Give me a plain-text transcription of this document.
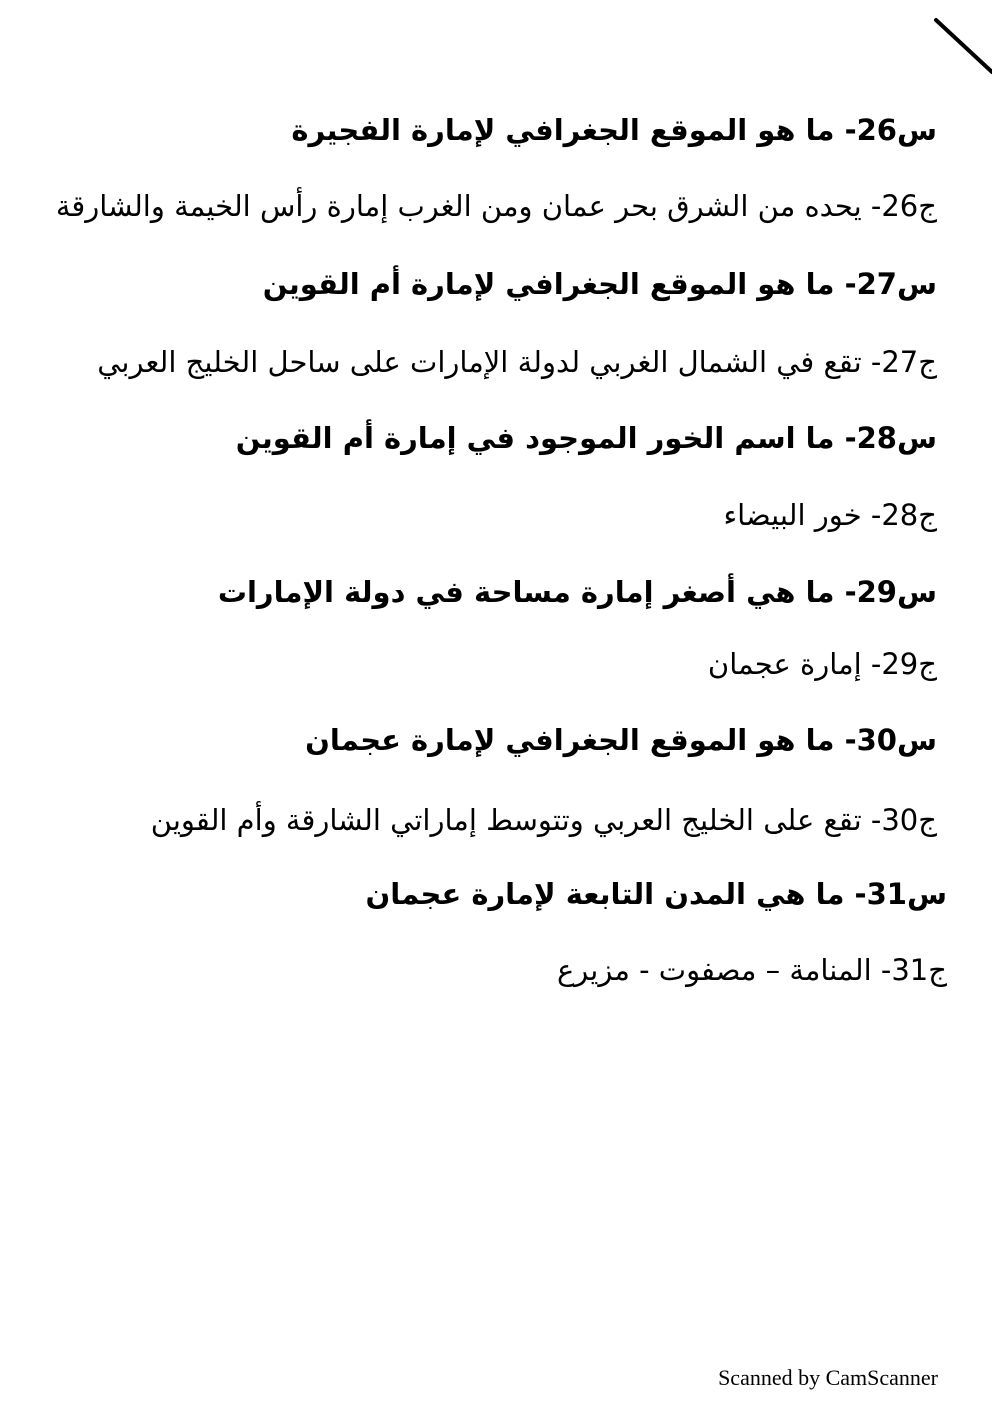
س26- ما هو الموقع الجغرافي لإمارة الفجيرة
ج26- يحده من الشرق بحر عمان ومن الغرب إمارة رأس الخيمة والشارقة
س27- ما هو الموقع الجغرافي لإمارة أم القوين
ج27- تقع في الشمال الغربي لدولة الإمارات على ساحل الخليج العربي
س28- ما اسم الخور الموجود في إمارة أم القوين
ج28- خور البيضاء
س29- ما هي أصغر إمارة مساحة في دولة الإمارات
ج29- إمارة عجمان
س30- ما هو الموقع الجغرافي لإمارة عجمان
ج30- تقع على الخليج العربي وتتوسط إماراتي الشارقة وأم القوين
س31- ما هي المدن التابعة لإمارة عجمان
ج31- المنامة – مصفوت - مزيرع
Scanned by CamScanner
